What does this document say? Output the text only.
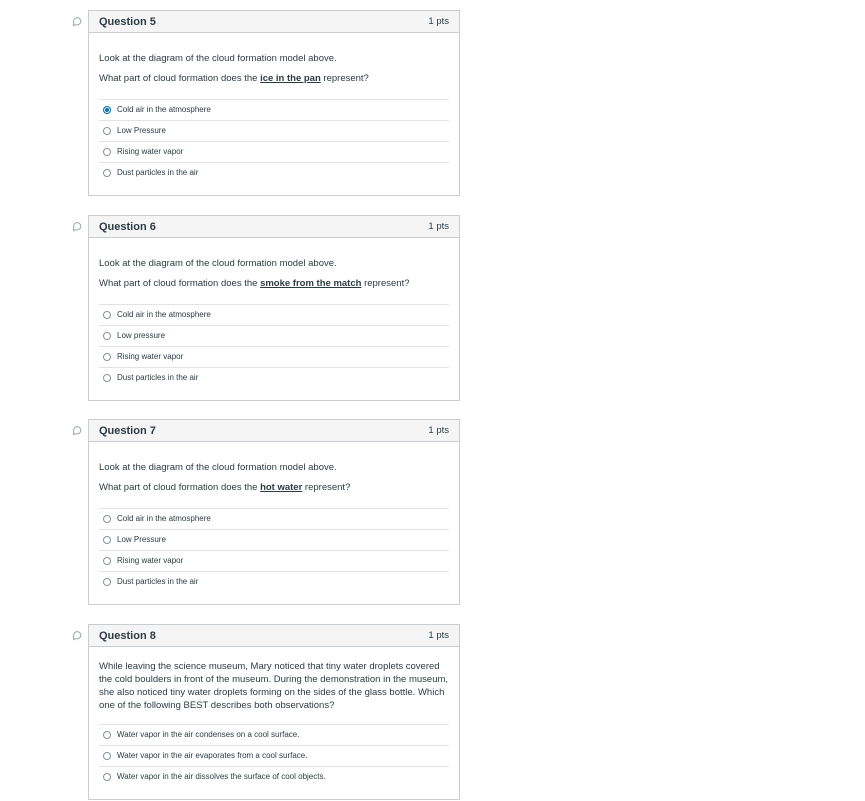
Question 5	1 pts

Look at the diagram of the cloud formation model above.

What part of cloud formation does the ice in the pan represent?

Cold air in the atmosphere
Low Pressure
Rising water vapor
Dust particles in the air
Question 6	1 pts

Look at the diagram of the cloud formation model above.

What part of cloud formation does the smoke from the match represent?

Cold air in the atmosphere
Low pressure
Rising water vapor
Dust particles in the air
Question 7	1 pts

Look at the diagram of the cloud formation model above.

What part of cloud formation does the hot water represent?

Cold air in the atmosphere
Low Pressure
Rising water vapor
Dust particles in the air
Question 8	1 pts

While leaving the science museum, Mary noticed that tiny water droplets covered the cold boulders in front of the museum. During the demonstration in the museum, she also noticed tiny water droplets forming on the sides of the glass bottle. Which one of the following BEST describes both observations?

Water vapor in the air condenses on a cool surface.
Water vapor in the air evaporates from a cool surface.
Water vapor in the air dissolves the surface of cool objects.
